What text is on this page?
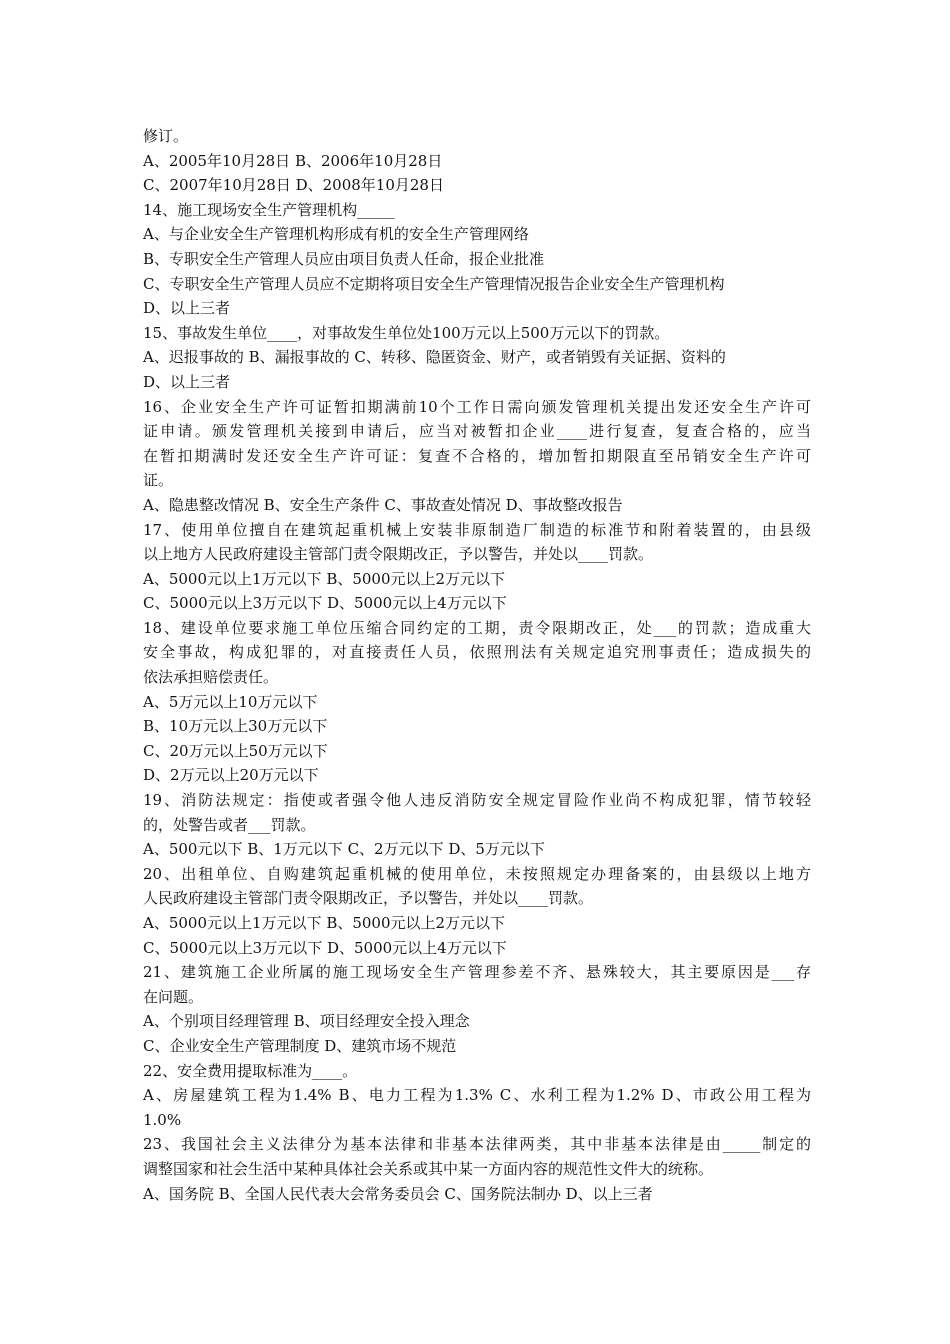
修订。
A、2005年10月28日 B、2006年10月28日
C、2007年10月28日 D、2008年10月28日
14、施工现场安全生产管理机构_____
A、与企业安全生产管理机构形成有机的安全生产管理网络
B、专职安全生产管理人员应由项目负责人任命，报企业批准
C、专职安全生产管理人员应不定期将项目安全生产管理情况报告企业安全生产管理机构
D、以上三者
15、事故发生单位____，对事故发生单位处100万元以上500万元以下的罚款。
A、迟报事故的 B、漏报事故的 C、转移、隐匿资金、财产，或者销毁有关证据、资料的
D、以上三者
16、企业安全生产许可证暂扣期满前10个工作日需向颁发管理机关提出发还安全生产许可
证申请。颁发管理机关接到申请后，应当对被暂扣企业____进行复查，复查合格的，应当
在暂扣期满时发还安全生产许可证：复查不合格的，增加暂扣期限直至吊销安全生产许可
证。
A、隐患整改情况 B、安全生产条件 C、事故查处情况 D、事故整改报告
17、使用单位擅自在建筑起重机械上安装非原制造厂制造的标准节和附着装置的，由县级
以上地方人民政府建设主管部门责令限期改正，予以警告，并处以____罚款。
A、5000元以上1万元以下 B、5000元以上2万元以下
C、5000元以上3万元以下 D、5000元以上4万元以下
18、建设单位要求施工单位压缩合同约定的工期，责令限期改正，处___的罚款；造成重大
安全事故，构成犯罪的，对直接责任人员，依照刑法有关规定追究刑事责任；造成损失的
依法承担赔偿责任。
A、5万元以上10万元以下
B、10万元以上30万元以下
C、20万元以上50万元以下
D、2万元以上20万元以下
19、消防法规定：指使或者强令他人违反消防安全规定冒险作业尚不构成犯罪，情节较轻
的，处警告或者___罚款。
A、500元以下 B、1万元以下 C、2万元以下 D、5万元以下
20、出租单位、自购建筑起重机械的使用单位，未按照规定办理备案的，由县级以上地方
人民政府建设主管部门责令限期改正，予以警告，并处以____罚款。
A、5000元以上1万元以下 B、5000元以上2万元以下
C、5000元以上3万元以下 D、5000元以上4万元以下
21、建筑施工企业所属的施工现场安全生产管理参差不齐、悬殊较大，其主要原因是___存
在问题。
A、个别项目经理管理 B、项目经理安全投入理念
C、企业安全生产管理制度 D、建筑市场不规范
22、安全费用提取标准为____。
A、房屋建筑工程为1.4% B、电力工程为1.3% C、水利工程为1.2% D、市政公用工程为
1.0%
23、我国社会主义法律分为基本法律和非基本法律两类，其中非基本法律是由_____制定的
调整国家和社会生活中某种具体社会关系或其中某一方面内容的规范性文件大的统称。
A、国务院 B、全国人民代表大会常务委员会 C、国务院法制办 D、以上三者
